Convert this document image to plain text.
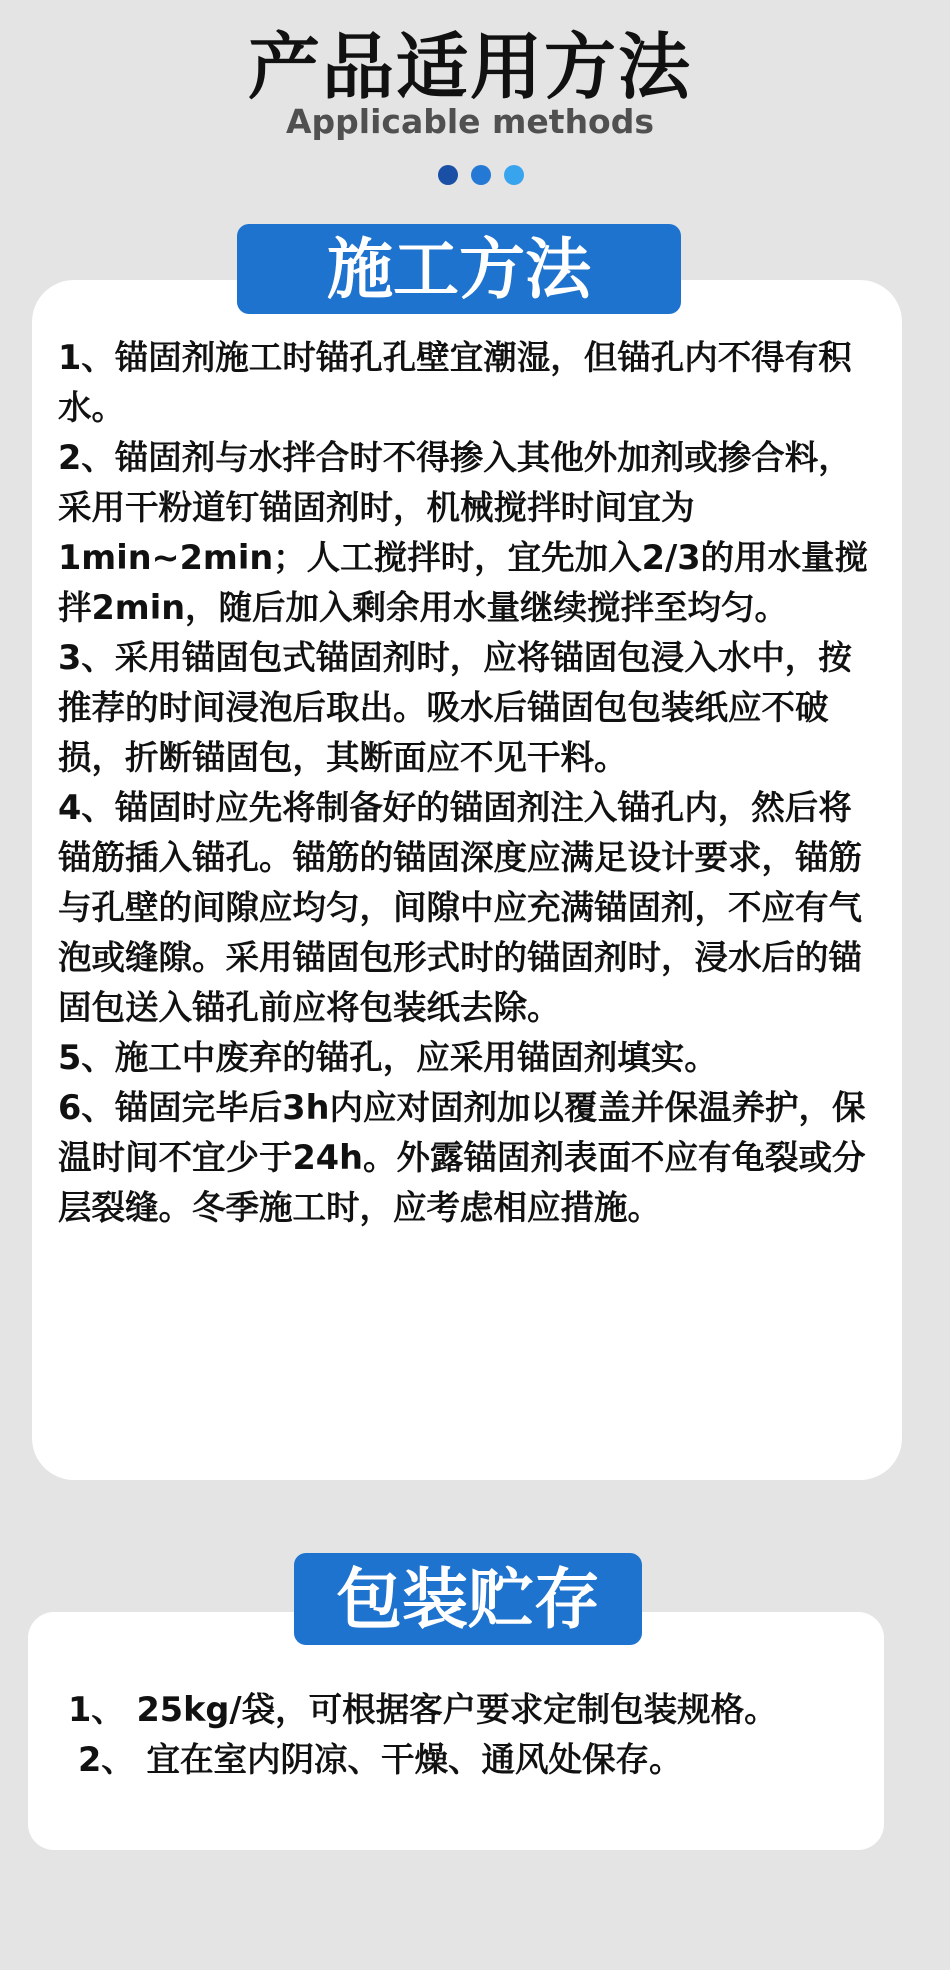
产品适用方法
Applicable methods
施工方法

1、锚固剂施工时锚孔孔壁宜潮湿，但锚孔内不得有积水。

2、锚固剂与水拌合时不得掺入其他外加剂或掺合料，采用干粉道钉锚固剂时，机械搅拌时间宜为1min~2min；人工搅拌时，宜先加入2/3的用水量搅拌2min，随后加入剩余用水量继续搅拌至均匀。

3、采用锚固包式锚固剂时，应将锚固包浸入水中，按推荐的时间浸泡后取出。吸水后锚固包包装纸应不破损，折断锚固包，其断面应不见干料。

4、锚固时应先将制备好的锚固剂注入锚孔内，然后将锚筋插入锚孔。锚筋的锚固深度应满足设计要求，锚筋与孔壁的间隙应均匀，间隙中应充满锚固剂，不应有气泡或缝隙。采用锚固包形式时的锚固剂时，浸水后的锚固包送入锚孔前应将包装纸去除。

5、施工中废弃的锚孔，应采用锚固剂填实。

6、锚固完毕后3h内应对固剂加以覆盖并保温养护，保温时间不宜少于24h。外露锚固剂表面不应有龟裂或分层裂缝。冬季施工时，应考虑相应措施。

包装贮存

1、 25kg/袋，可根据客户要求定制包装规格。

2、 宜在室内阴凉、干燥、通风处保存。
